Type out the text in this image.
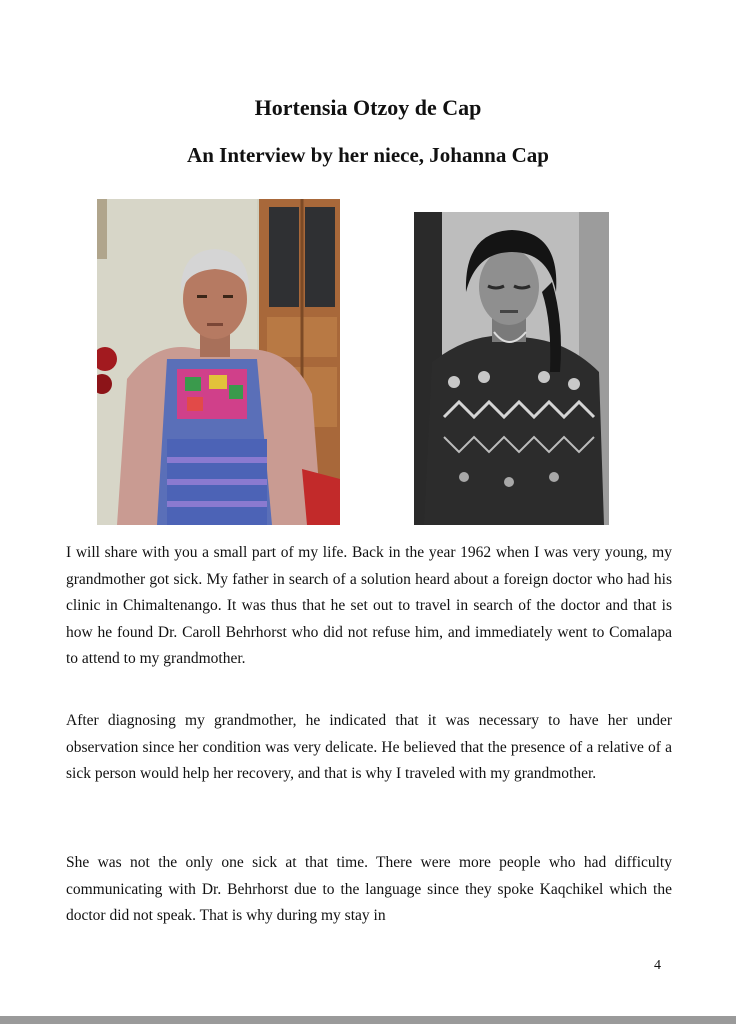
Hortensia Otzoy de Cap
An Interview by her niece, Johanna Cap

I will share with you a small part of my life. Back in the year 1962 when I was very young, my grandmother got sick. My father in search of a solution heard about a foreign doctor who had his clinic in Chimaltenango. It was thus that he set out to travel in search of the doctor and that is how he found Dr. Caroll Behrhorst who did not refuse him, and immediately went to Comalapa to attend to my grandmother.

After diagnosing my grandmother, he indicated that it was necessary to have her under observation since her condition was very delicate. He believed that the presence of a relative of a sick person would help her recovery, and that is why I traveled with my grandmother.

She was not the only one sick at that time. There were more people who had difficulty communicating with Dr. Behrhorst due to the language since they spoke Kaqchikel which the doctor did not speak. That is why during my stay in

4
